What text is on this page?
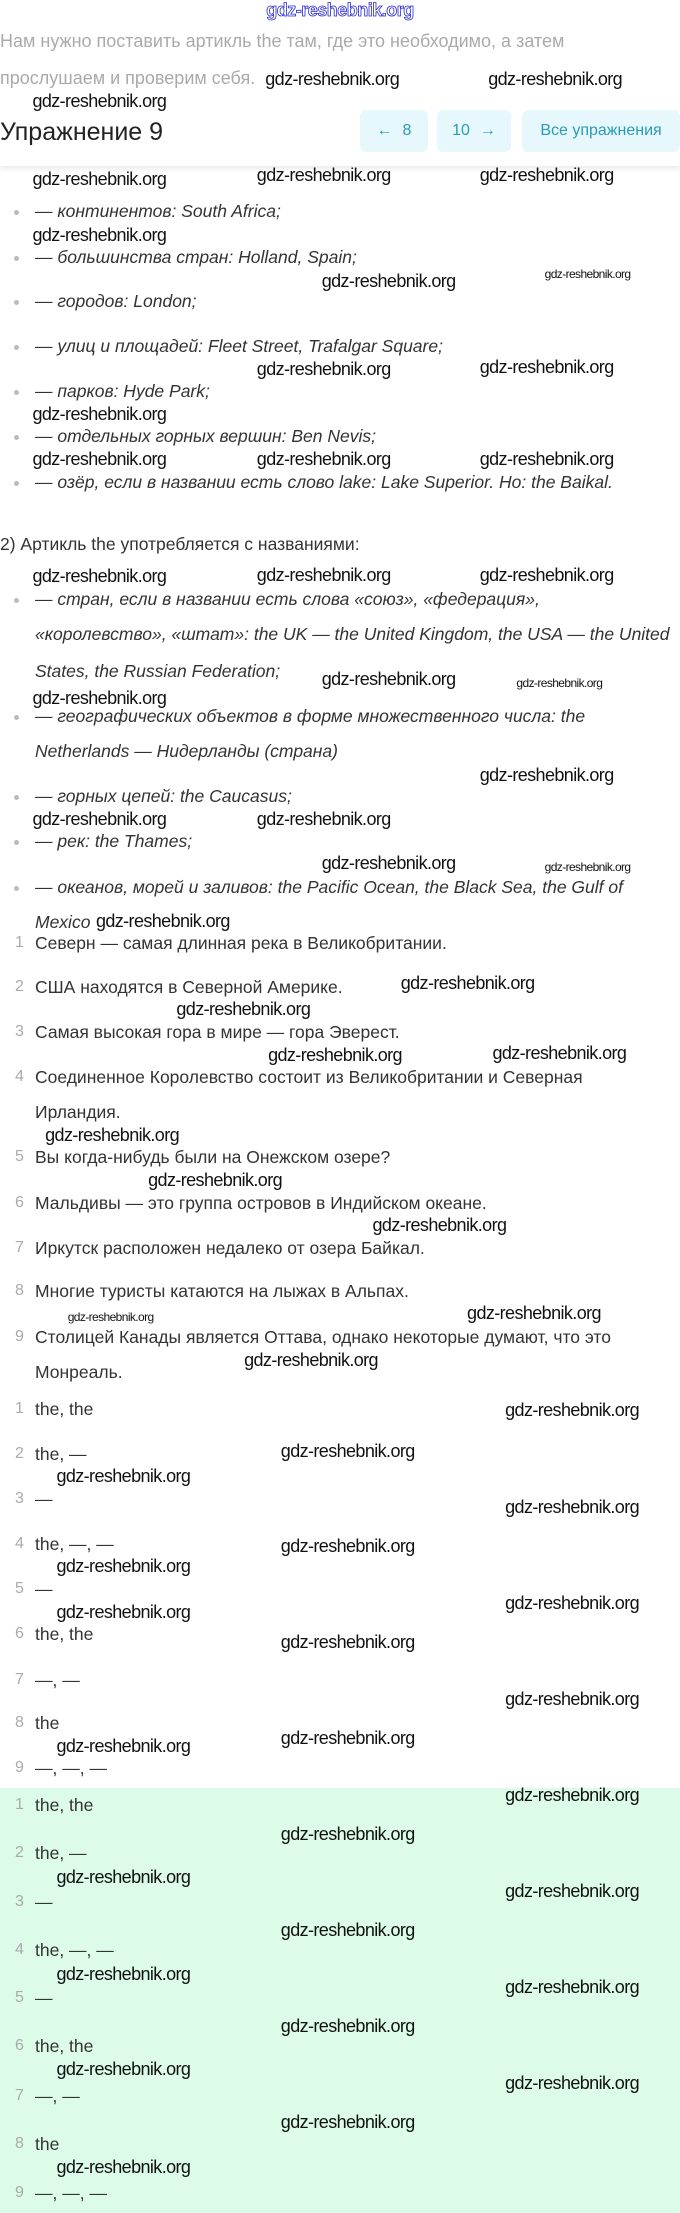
gdz-reshebnik.org
Нам нужно поставить артикль the там, где это необходимо, а затем
прослушаем и проверим себя.
Упражнение 9	← 8	10 →	Все упражнения
— континентов: South Africa;
— большинства стран: Holland, Spain;
— городов: London;
— улиц и площадей: Fleet Street, Trafalgar Square;
— парков: Hyde Park;
— отдельных горных вершин: Ben Nevis;
— озёр, если в названии есть слово lake: Lake Superior. Но: the Baikal.
2) Артикль the употребляется с названиями:
— стран, если в названии есть слова «союз», «федерация»,
«королевство», «штат»: the UK — the United Kingdom, the USA — the United
States, the Russian Federation;
— географических объектов в форме множественного числа: the
Netherlands — Нидерланды (страна)
— горных цепей: the Caucasus;
— рек: the Thames;
— океанов, морей и заливов: the Pacific Ocean, the Black Sea, the Gulf of
Mexico
1 Северн — самая длинная река в Великобритании.
2 США находятся в Северной Америке.
3 Самая высокая гора в мире — гора Эверест.
4 Соединенное Королевство состоит из Великобритании и Северная
Ирландия.
5 Вы когда-нибудь были на Онежском озере?
6 Мальдивы — это группа островов в Индийском океане.
7 Иркутск расположен недалеко от озера Байкал.
8 Многие туристы катаются на лыжах в Альпах.
9 Столицей Канады является Оттава, однако некоторые думают, что это
Монреаль.
1 the, the
2 the, —
3 —
4 the, —, —
5 —
6 the, the
7 —, —
8 the
9 —, —, —
1 the, the
2 the, —
3 —
4 the, —, —
5 —
6 the, the
7 —, —
8 the
9 —, —, —
gdz-reshebnik.org
gdz-reshebnik.org	gdz-reshebnik.org
gdz-reshebnik.org	gdz-reshebnik.org	gdz-reshebnik.org
gdz-reshebnik.org
gdz-reshebnik.org	gdz-reshebnik.org
gdz-reshebnik.org
gdz-reshebnik.org	gdz-reshebnik.org
gdz-reshebnik.org	gdz-reshebnik.org	gdz-reshebnik.org
gdz-reshebnik.org	gdz-reshebnik.org	gdz-reshebnik.org
gdz-reshebnik.org	gdz-reshebnik.org
gdz-reshebnik.org
gdz-reshebnik.org
gdz-reshebnik.org
gdz-reshebnik.org
gdz-reshebnik.org	gdz-reshebnik.org
gdz-reshebnik.org
gdz-reshebnik.org
gdz-reshebnik.org
gdz-reshebnik.org
gdz-reshebnik.org
gdz-reshebnik.org
gdz-reshebnik.org
gdz-reshebnik.org
gdz-reshebnik.org
gdz-reshebnik.org
gdz-reshebnik.org
gdz-reshebnik.org
gdz-reshebnik.org
gdz-reshebnik.org
gdz-reshebnik.org
gdz-reshebnik.org
gdz-reshebnik.org
gdz-reshebnik.org
gdz-reshebnik.org
gdz-reshebnik.org
gdz-reshebnik.org
gdz-reshebnik.org
gdz-reshebnik.org
gdz-reshebnik.org
gdz-reshebnik.org
gdz-reshebnik.org
gdz-reshebnik.org
gdz-reshebnik.org
gdz-reshebnik.org
gdz-reshebnik.org
gdz-reshebnik.org
gdz-reshebnik.org
gdz-reshebnik.org
gdz-reshebnik.org
gdz-reshebnik.org
